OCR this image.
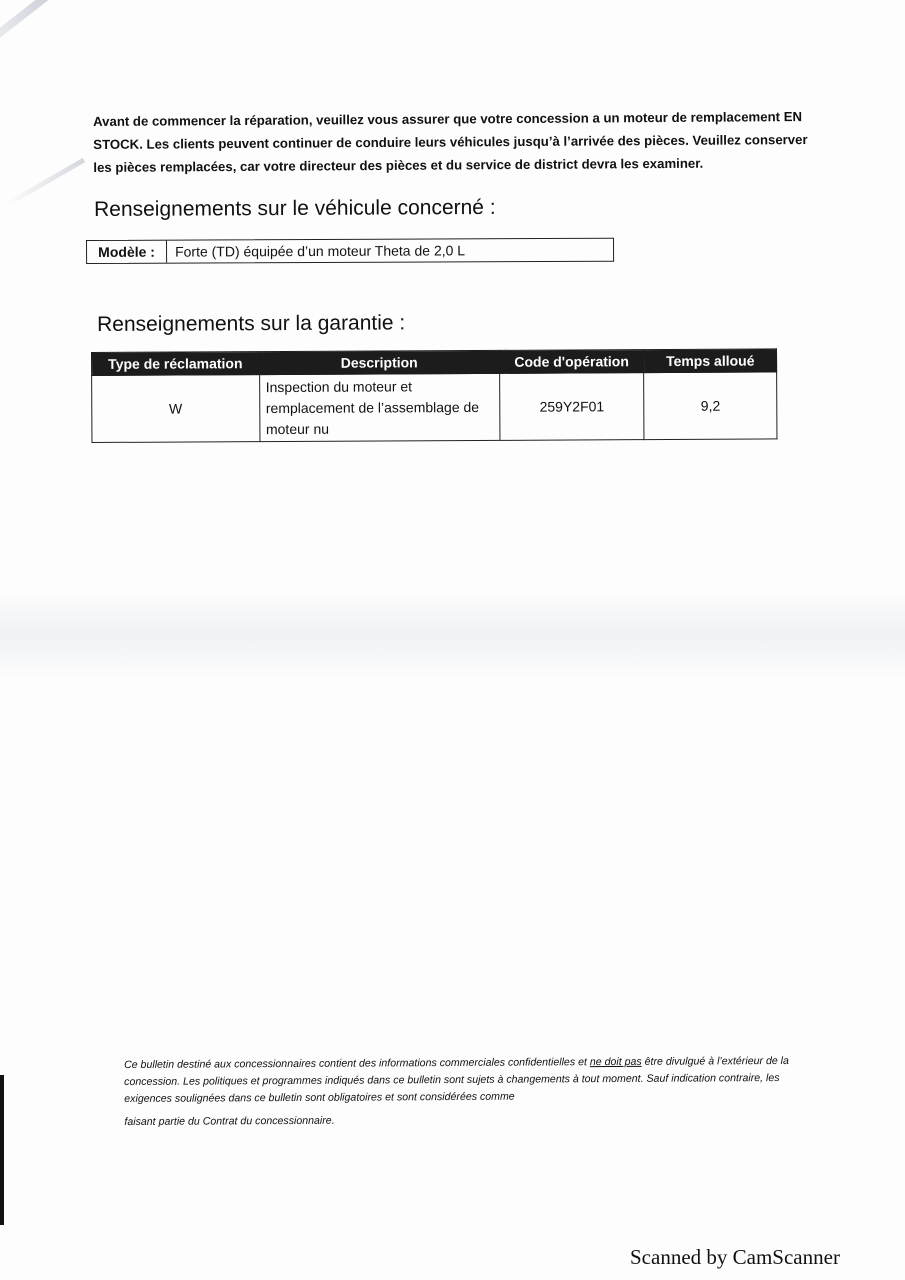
Avant de commencer la réparation, veuillez vous assurer que votre concession a un moteur de remplacement EN STOCK. Les clients peuvent continuer de conduire leurs véhicules jusqu’à l’arrivée des pièces. Veuillez conserver les pièces remplacées, car votre directeur des pièces et du service de district devra les examiner.
Renseignements sur le véhicule concerné :
Modèle :	Forte (TD) équipée d’un moteur Theta de 2,0 L
Renseignements sur la garantie :
Type de réclamation	Description	Code d'opération	Temps alloué
W	Inspection du moteur et remplacement de l’assemblage de moteur nu	259Y2F01	9,2
Ce bulletin destiné aux concessionnaires contient des informations commerciales confidentielles et ne doit pas être divulgué à l’extérieur de la concession. Les politiques et programmes indiqués dans ce bulletin sont sujets à changements à tout moment. Sauf indication contraire, les exigences soulignées dans ce bulletin sont obligatoires et sont considérées comme
faisant partie du Contrat du concessionnaire.
Scanned by CamScanner
